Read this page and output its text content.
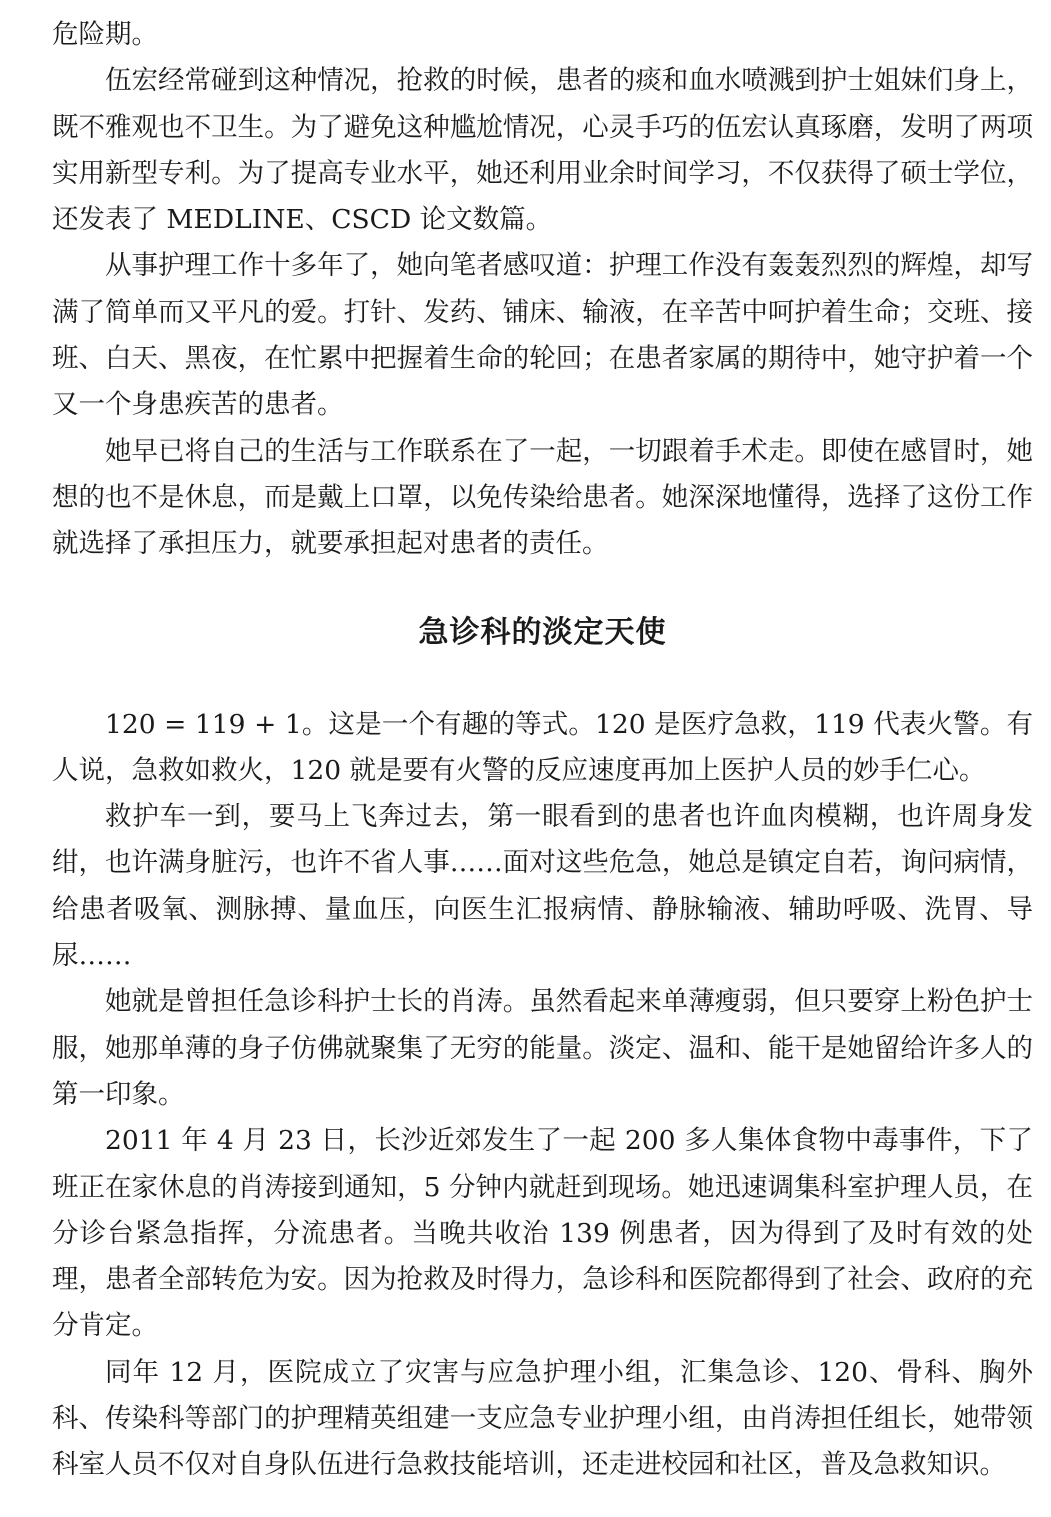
危险期。

伍宏经常碰到这种情况，抢救的时候，患者的痰和血水喷溅到护士姐妹们身上，既不雅观也不卫生。为了避免这种尴尬情况，心灵手巧的伍宏认真琢磨，发明了两项实用新型专利。为了提高专业水平，她还利用业余时间学习，不仅获得了硕士学位，还发表了 MEDLINE、CSCD 论文数篇。

从事护理工作十多年了，她向笔者感叹道：护理工作没有轰轰烈烈的辉煌，却写满了简单而又平凡的爱。打针、发药、铺床、输液，在辛苦中呵护着生命；交班、接班、白天、黑夜，在忙累中把握着生命的轮回；在患者家属的期待中，她守护着一个又一个身患疾苦的患者。

她早已将自己的生活与工作联系在了一起，一切跟着手术走。即使在感冒时，她想的也不是休息，而是戴上口罩，以免传染给患者。她深深地懂得，选择了这份工作就选择了承担压力，就要承担起对患者的责任。

急诊科的淡定天使

120 = 119 + 1。这是一个有趣的等式。120 是医疗急救，119 代表火警。有人说，急救如救火，120 就是要有火警的反应速度再加上医护人员的妙手仁心。

救护车一到，要马上飞奔过去，第一眼看到的患者也许血肉模糊，也许周身发绀，也许满身脏污，也许不省人事……面对这些危急，她总是镇定自若，询问病情，给患者吸氧、测脉搏、量血压，向医生汇报病情、静脉输液、辅助呼吸、洗胃、导尿……

她就是曾担任急诊科护士长的肖涛。虽然看起来单薄瘦弱，但只要穿上粉色护士服，她那单薄的身子仿佛就聚集了无穷的能量。淡定、温和、能干是她留给许多人的第一印象。

2011 年 4 月 23 日，长沙近郊发生了一起 200 多人集体食物中毒事件，下了班正在家休息的肖涛接到通知，5 分钟内就赶到现场。她迅速调集科室护理人员，在分诊台紧急指挥，分流患者。当晚共收治 139 例患者，因为得到了及时有效的处理，患者全部转危为安。因为抢救及时得力，急诊科和医院都得到了社会、政府的充分肯定。

同年 12 月，医院成立了灾害与应急护理小组，汇集急诊、120、骨科、胸外科、传染科等部门的护理精英组建一支应急专业护理小组，由肖涛担任组长，她带领科室人员不仅对自身队伍进行急救技能培训，还走进校园和社区，普及急救知识。
